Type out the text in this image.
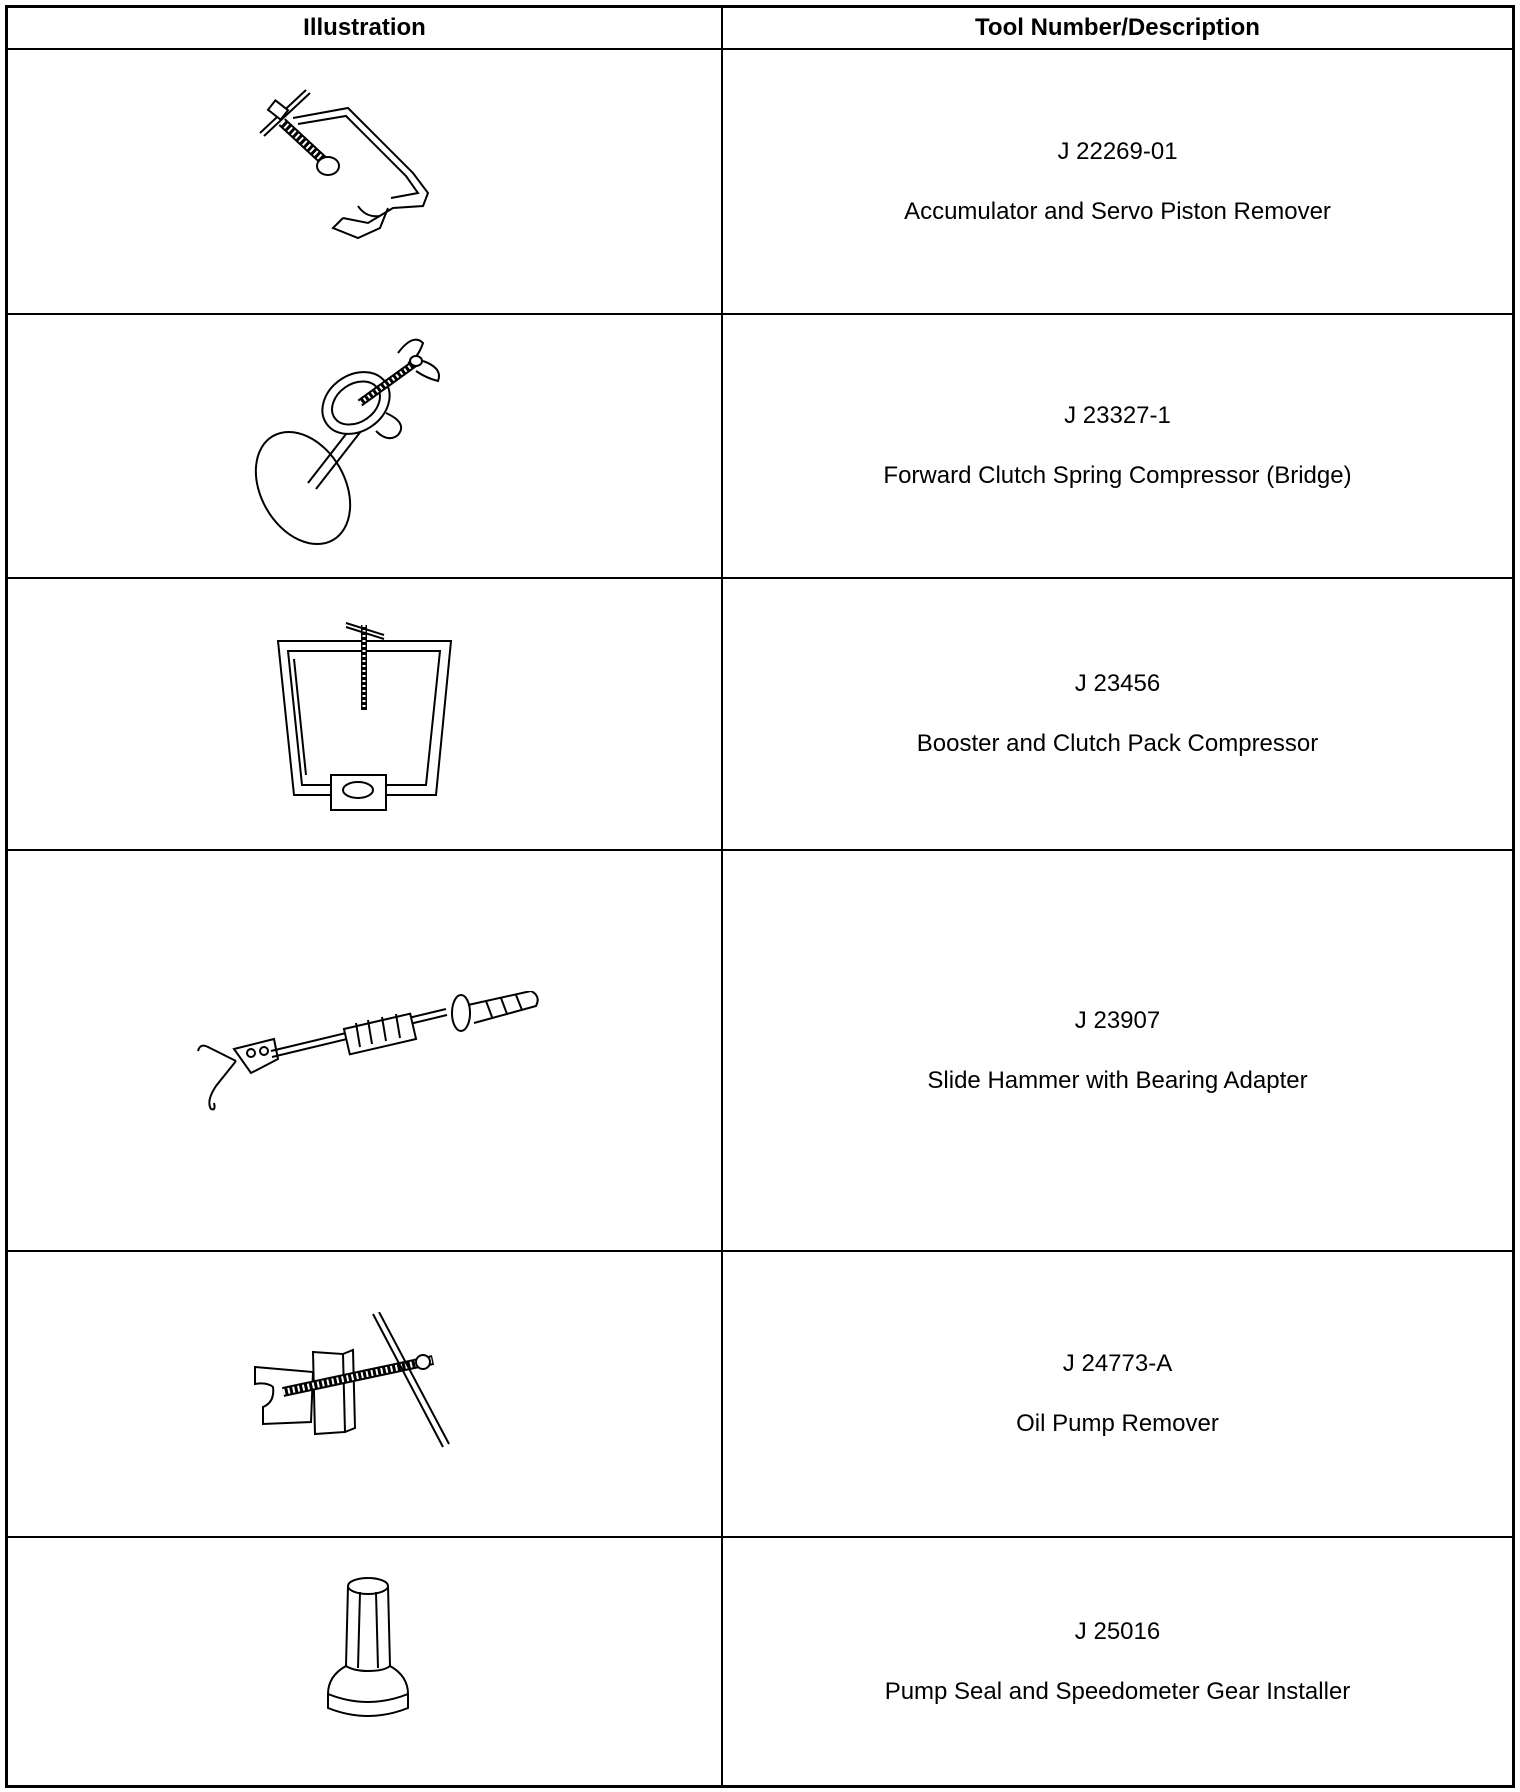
Illustration	Tool Number/Description
J 22269-01
Accumulator and Servo Piston Remover
J 23327-1
Forward Clutch Spring Compressor (Bridge)
J 23456
Booster and Clutch Pack Compressor
J 23907
Slide Hammer with Bearing Adapter
J 24773-A
Oil Pump Remover
J 25016
Pump Seal and Speedometer Gear Installer
